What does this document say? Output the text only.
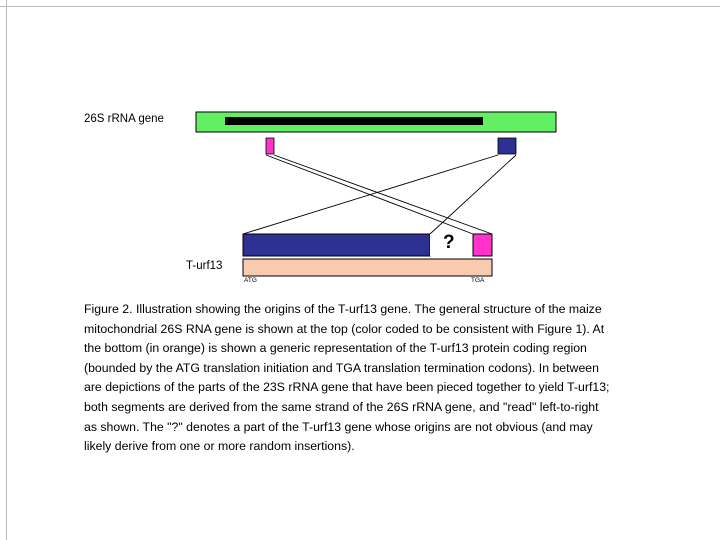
26S rRNA gene
T-urf13
ATG	TGA
?

Figure 2. Illustration showing the origins of the T-urf13 gene. The general structure of the maize mitochondrial 26S RNA gene is shown at the top (color coded to be consistent with Figure 1). At the bottom (in orange) is shown a generic representation of the T-urf13 protein coding region (bounded by the ATG translation initiation and TGA translation termination codons). In between are depictions of the parts of the 23S rRNA gene that have been pieced together to yield T-urf13; both segments are derived from the same strand of the 26S rRNA gene, and "read" left-to-right as shown. The "?" denotes a part of the T-urf13 gene whose origins are not obvious (and may likely derive from one or more random insertions).
